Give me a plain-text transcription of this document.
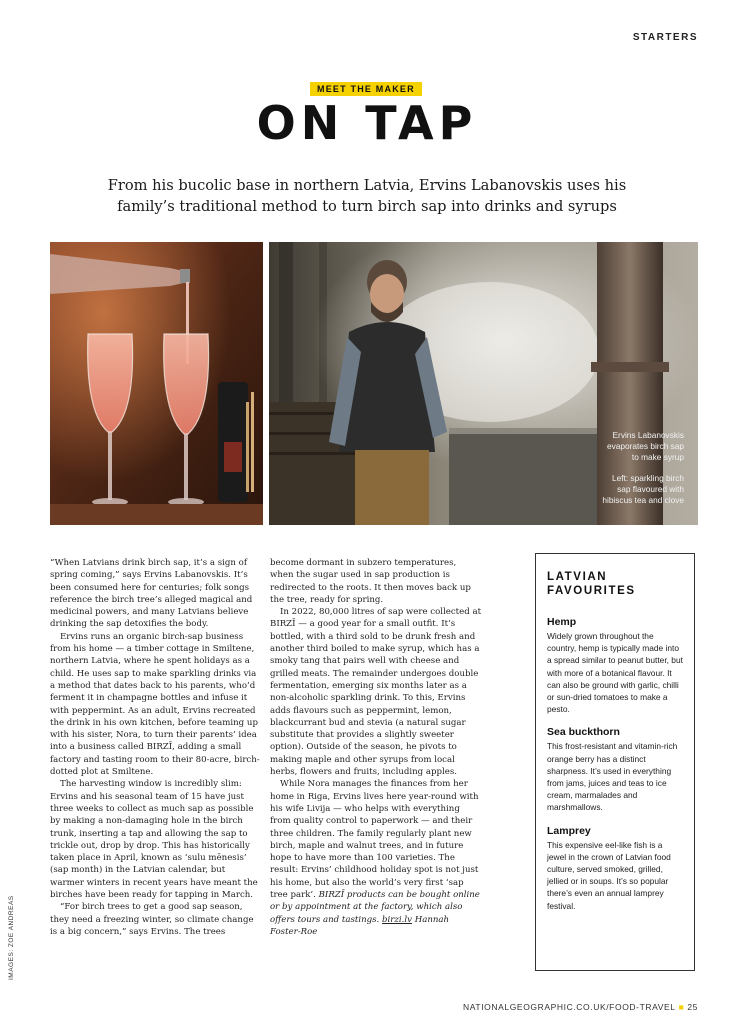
STARTERS
MEET THE MAKER
ON TAP
From his bucolic base in northern Latvia, Ervins Labanovskis uses his family’s traditional method to turn birch sap into drinks and syrups
Ervins Labanovskis
evaporates birch sap
to make syrup
Left: sparkling birch
sap flavoured with
hibiscus tea and clove

“When Latvians drink birch sap, it’s a sign of spring coming,” says Ervins Labanovskis. It’s been consumed here for centuries; folk songs reference the birch tree’s alleged magical and medicinal powers, and many Latvians believe drinking the sap detoxifies the body.

Ervins runs an organic birch-sap business from his home — a timber cottage in Smiltene, northern Latvia, where he spent holidays as a child. He uses sap to make sparkling drinks via a method that dates back to his parents, who’d ferment it in champagne bottles and infuse it with peppermint. As an adult, Ervins recreated the drink in his own kitchen, before teaming up with his sister, Nora, to turn their parents’ idea into a business called BIRZĪ, adding a small factory and tasting room to their 80-acre, birch-dotted plot at Smiltene.

The harvesting window is incredibly slim: Ervins and his seasonal team of 15 have just three weeks to collect as much sap as possible by making a non-damaging hole in the birch trunk, inserting a tap and allowing the sap to trickle out, drop by drop. This has historically taken place in April, known as ‘sulu mēnesis’ (sap month) in the Latvian calendar, but warmer winters in recent years have meant the birches have been ready for tapping in March.

“For birch trees to get a good sap season, they need a freezing winter, so climate change is a big concern,” says Ervins. The trees

become dormant in subzero temperatures, when the sugar used in sap production is redirected to the roots. It then moves back up the tree, ready for spring.

In 2022, 80,000 litres of sap were collected at BIRZĪ — a good year for a small outfit. It’s bottled, with a third sold to be drunk fresh and another third boiled to make syrup, which has a smoky tang that pairs well with cheese and grilled meats. The remainder undergoes double fermentation, emerging six months later as a non-alcoholic sparkling drink. To this, Ervins adds flavours such as peppermint, lemon, blackcurrant bud and stevia (a natural sugar substitute that provides a slightly sweeter option). Outside of the season, he pivots to making maple and other syrups from local herbs, flowers and fruits, including apples.

While Nora manages the finances from her home in Riga, Ervins lives here year-round with his wife Livija — who helps with everything from quality control to paperwork — and their three children. The family regularly plant new birch, maple and walnut trees, and in future hope to have more than 100 varieties. The result: Ervins’ childhood holiday spot is not just his home, but also the world’s very first ‘sap tree park’. BIRZĪ products can be bought online or by appointment at the factory, which also offers tours and tastings. birzi.lv Hannah Foster-Roe

LATVIAN
FAVOURITES
Hemp
Widely grown throughout the country, hemp is typically made into a spread similar to peanut butter, but with more of a botanical flavour. It can also be ground with garlic, chilli or sun-dried tomatoes to make a pesto.
Sea buckthorn
This frost-resistant and vitamin-rich orange berry has a distinct sharpness. It’s used in everything from jams, juices and teas to ice cream, marmalades and marshmallows.
Lamprey
This expensive eel-like fish is a jewel in the crown of Latvian food culture, served smoked, grilled, jellied or in soups. It’s so popular there’s even an annual lamprey festival.
IMAGES: ZOE ANDREAS
NATIONALGEOGRAPHIC.CO.UK/FOOD-TRAVEL ■ 25
